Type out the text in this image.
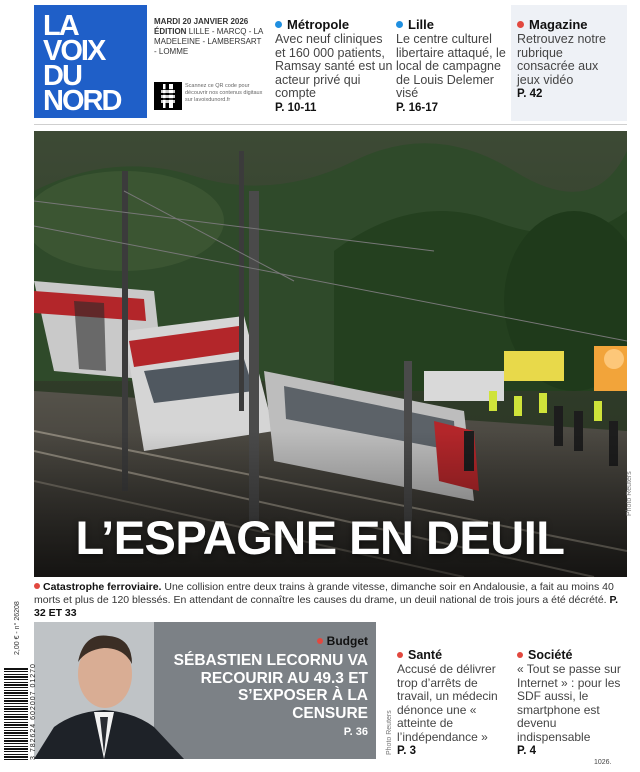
LA
VOIX
DU
NORD
MARDI 20 JANVIER 2026
ÉDITION LILLE - MARCQ - LA MADELEINE - LAMBERSART - LOMME
Scannez ce QR code pour découvrir nos contenus digitaux sur lavoixdunord.fr
Métropole
Avec neuf cliniques et 160 000 patients, Ramsay santé est un acteur privé qui compte
P. 10-11
Lille
Le centre culturel libertaire attaqué, le local de campagne de Louis Delemer visé
P. 16-17
Magazine
Retrouvez notre rubrique consacrée aux jeux vidéo
P. 42
L’ESPAGNE EN DEUIL
Photo Reuters
Catastrophe ferroviaire. Une collision entre deux trains à grande vitesse, dimanche soir en Andalousie, a fait au moins 40 morts et plus de 120 blessés. En attendant de connaître les causes du drame, un deuil national de trois jours a été décrété. P. 32 ET 33
Budget
SÉBASTIEN LECORNU VA RECOURIR AU 49.3 ET S’EXPOSER À LA CENSURE
P. 36	Photo Reuters
Santé
Accusé de délivrer trop d’arrêts de travail, un médecin dénonce une « atteinte de l’indépendance »
P. 3
Société
« Tout se passe sur Internet » : pour les SDF aussi, le smartphone est devenu indispensable
P. 4
2,00 € - n° 26208
3 782624 602007 01270
1026.
